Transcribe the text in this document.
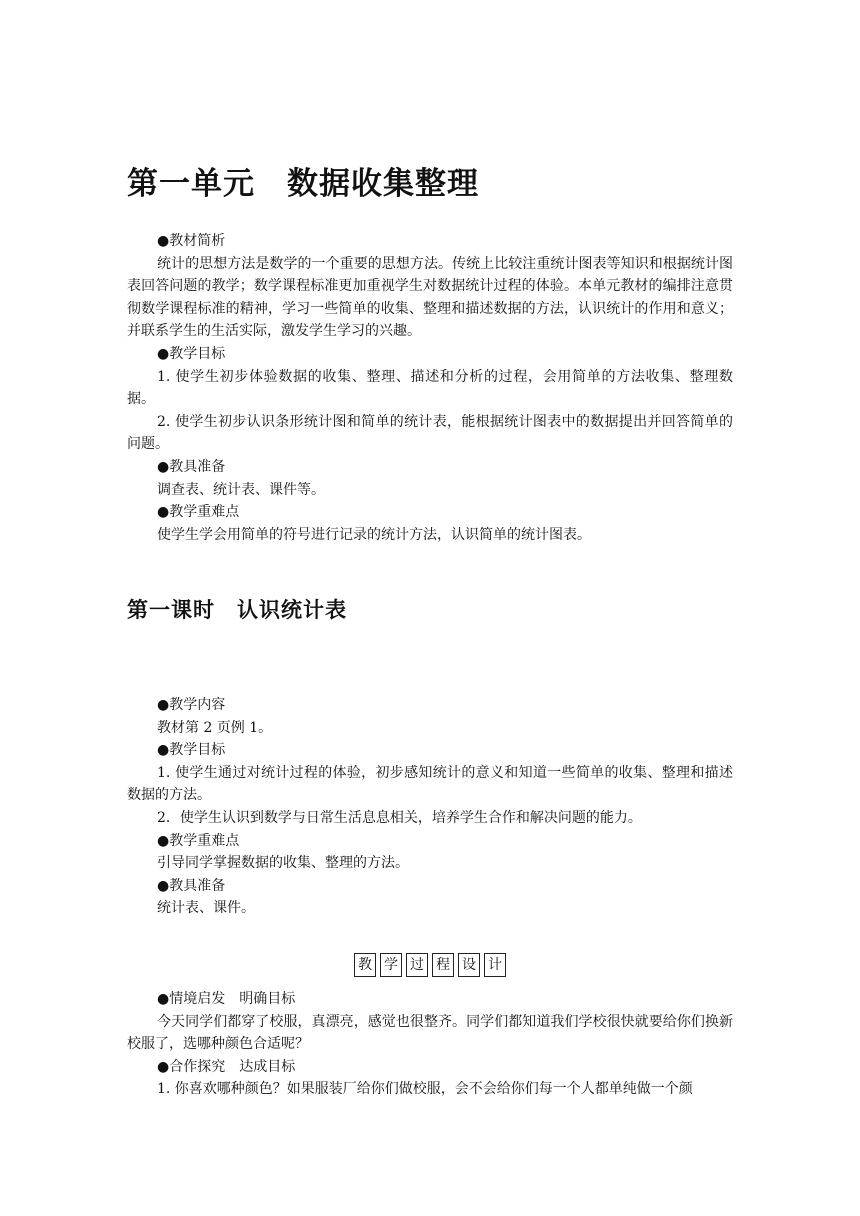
第一单元　数据收集整理

● 教材简析

统计的思想方法是数学的一个重要的思想方法。传统上比较注重统计图表等知识和根据统计图表回答问题的教学；数学课程标准更加重视学生对数据统计过程的体验。本单元教材的编排注意贯彻数学课程标准的精神，学习一些简单的收集、整理和描述数据的方法，认识统计的作用和意义；并联系学生的生活实际，激发学生学习的兴趣。

● 教学目标

1. 使学生初步体验数据的收集、整理、描述和分析的过程，会用简单的方法收集、整理数据。

2. 使学生初步认识条形统计图和简单的统计表，能根据统计图表中的数据提出并回答简单的问题。

● 教具准备

调查表、统计表、课件等。

● 教学重难点

使学生学会用简单的符号进行记录的统计方法，认识简单的统计图表。

第一课时　认识统计表

● 教学内容

教材第 2 页例 1。

● 教学目标

1. 使学生通过对统计过程的体验，初步感知统计的意义和知道一些简单的收集、整理和描述数据的方法。

2．使学生认识到数学与日常生活息息相关，培养学生合作和解决问题的能力。

● 教学重难点

引导同学掌握数据的收集、整理的方法。

● 教具准备

统计表、课件。

教 学 过 程 设 计

● 情境启发　明确目标

今天同学们都穿了校服，真漂亮，感觉也很整齐。同学们都知道我们学校很快就要给你们换新校服了，选哪种颜色合适呢？

● 合作探究　达成目标

1. 你喜欢哪种颜色？如果服装厂给你们做校服，会不会给你们每一个人都单纯做一个颜
